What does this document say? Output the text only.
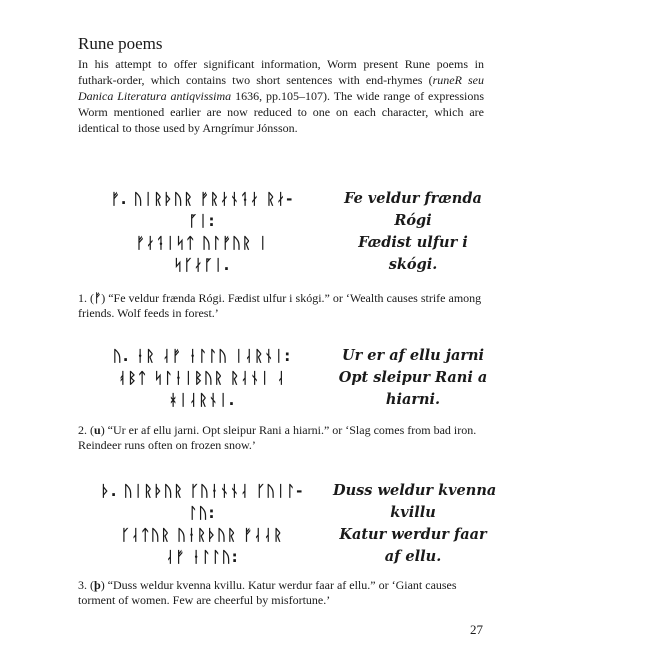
Rune poems
In his attempt to offer significant information, Worm present Rune poems in futhark-order, which contains two short sentences with end-rhymes (runeR seu Danica Literatura antiqvissima 1636, pp.105–107). The wide range of expressions Worm mentioned earlier are now reduced to one on each character, which are identical to those used by Arngrímur Jónsson.
ᚠ. ᚢᛁᚱᚦᚢᚱ ᚠᚱᛅᚾᛑᛅ ᚱᛅ-
ᚵᛁ:
ᚠᛅᛑᛁᛋᛏ ᚢᛚᚠᚢᚱ ᛁ
ᛋᚴᛅᚵᛁ.
Fe veldur frænda
Rógi
Fædist ulfur i
skógi.
1. (ᚠ) “Fe veldur frænda Rógi. Fædist ulfur i skógi.” or ‘Wealth causes strife among friends. Wolf feeds in forest.’
ᚢ. ᛂᚱ ᛆᚠ ᛂᛚᛚᚢ ᛁᛆᚱᚾᛁ:
ᚮᛒᛏ ᛋᛚᛂᛁᛒᚢᚱ ᚱᛆᚾᛁ ᛆ
ᚼᛁᛆᚱᚾᛁ.
Ur er af ellu jarni
Opt sleipur Rani a
hiarni.
2. (u) “Ur er af ellu jarni. Opt sleipur Rani a hiarni.” or ‘Slag comes from bad iron. Reindeer runs often on frozen snow.’
ᚦ. ᚢᛁᚱᚦᚢᚱ ᚴᚢᛂᚾᚾᛆ ᚴᚢᛁᛚ-
ᛚᚢ:
ᚴᛆᛏᚢᚱ ᚢᛂᚱᚦᚢᚱ ᚠᛆᛆᚱ
ᛆᚠ ᛂᛚᛚᚢ:
Duss weldur kvenna
kvillu
Katur werdur faar
af ellu.
3. (þ) “Duss weldur kvenna kvillu. Katur werdur faar af ellu.” or ‘Giant causes torment of women. Few are cheerful by misfortune.’
27
